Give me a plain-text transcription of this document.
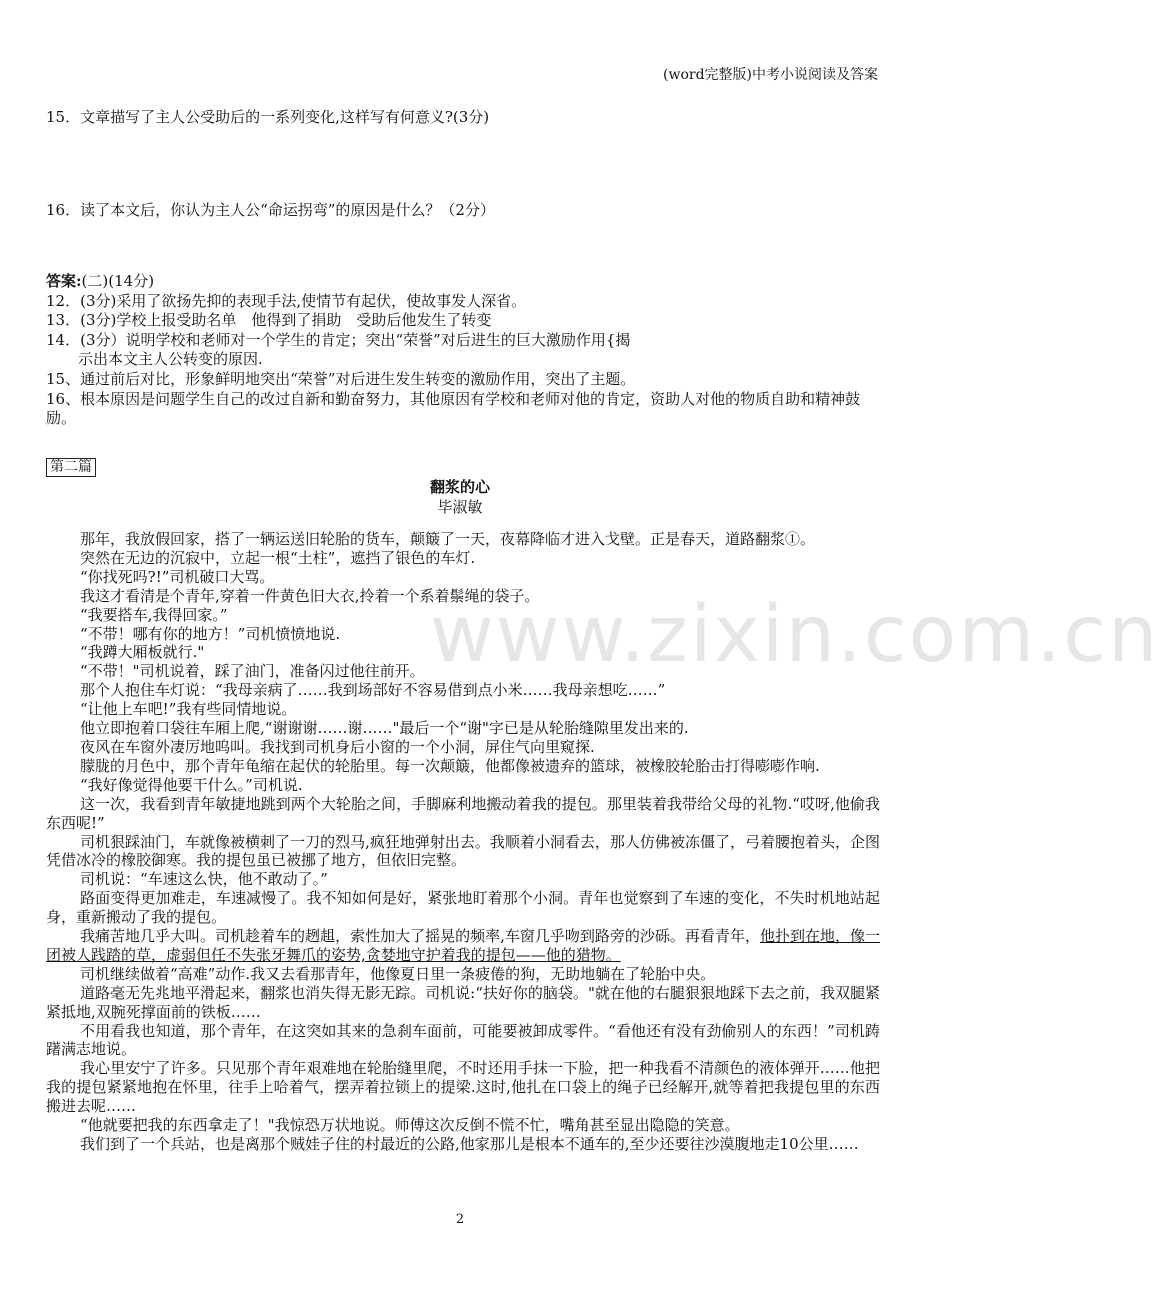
(word完整版)中考小说阅读及答案
15．文章描写了主人公受助后的一系列变化,这样写有何意义?(3分)
16．读了本文后，你认为主人公“命运拐弯”的原因是什么？（2分）

答案:(二)(14分)

12．(3分)采用了欲扬先抑的表现手法,使情节有起伏，使故事发人深省。

13．(3分)学校上报受助名单　他得到了捐助　受助后他发生了转变

14．(3分）说明学校和老师对一个学生的肯定；突出“荣誉”对后进生的巨大激励作用{揭

示出本文主人公转变的原因.

15、通过前后对比，形象鲜明地突出“荣誉”对后进生发生转变的激励作用，突出了主题。

16、根本原因是问题学生自己的改过自新和勤奋努力，其他原因有学校和老师对他的肯定，资助人对他的物质自助和精神鼓励。

第二篇
翻浆的心
毕淑敏
www.zixin.com.cn

那年，我放假回家，搭了一辆运送旧轮胎的货车，颠簸了一天，夜幕降临才进入戈壁。正是春天，道路翻浆①。

突然在无边的沉寂中，立起一根“土柱”，遮挡了银色的车灯.

“你找死吗?!”司机破口大骂。

我这才看清是个青年,穿着一件黄色旧大衣,拎着一个系着鬃绳的袋子。

“我要搭车,我得回家。”

“不带！哪有你的地方！”司机愤愤地说.

“我蹲大厢板就行."

“不带！"司机说着，踩了油门，准备闪过他往前开。

那个人抱住车灯说：“我母亲病了……我到场部好不容易借到点小米……我母亲想吃……”

“让他上车吧!”我有些同情地说。

他立即抱着口袋往车厢上爬,“谢谢谢……谢……"最后一个“谢"字已是从轮胎缝隙里发出来的.

夜风在车窗外凄厉地呜叫。我找到司机身后小窗的一个小洞，屏住气向里窥探.

朦胧的月色中，那个青年龟缩在起伏的轮胎里。每一次颠簸，他都像被遗弃的篮球，被橡胶轮胎击打得嘭嘭作响.

“我好像觉得他要干什么。”司机说.

这一次，我看到青年敏捷地跳到两个大轮胎之间，手脚麻利地搬动着我的提包。那里装着我带给父母的礼物.“哎呀,他偷我东西呢!”

司机狠踩油门，车就像被横刺了一刀的烈马,疯狂地弹射出去。我顺着小洞看去，那人仿佛被冻僵了，弓着腰抱着头，企图凭借冰冷的橡胶御寒。我的提包虽已被挪了地方，但依旧完整。

司机说：“车速这么快，他不敢动了。”

路面变得更加难走，车速减慢了。我不知如何是好，紧张地盯着那个小洞。青年也觉察到了车速的变化，不失时机地站起身，重新搬动了我的提包。

我痛苦地几乎大叫。司机趁着车的趔趄，索性加大了摇晃的频率,车窗几乎吻到路旁的沙砾。再看青年，他扑到在地，像一团被人践踏的草，虚弱但任不失张牙舞爪的姿势,贪婪地守护着我的提包——他的猎物。

司机继续做着“高难”动作.我又去看那青年，他像夏日里一条疲倦的狗，无助地躺在了轮胎中央。

道路毫无先兆地平滑起来，翻浆也消失得无影无踪。司机说:“扶好你的脑袋。"就在他的右腿狠狠地踩下去之前，我双腿紧紧抵地,双腕死撑面前的铁板……

不用看我也知道，那个青年，在这突如其来的急刹车面前，可能要被卸成零件。“看他还有没有劲偷别人的东西！”司机踌躇满志地说。

我心里安宁了许多。只见那个青年艰难地在轮胎缝里爬，不时还用手抹一下脸，把一种我看不清颜色的液体弹开……他把我的提包紧紧地抱在怀里，往手上哈着气，摆弄着拉锁上的提梁.这时,他扎在口袋上的绳子已经解开,就等着把我提包里的东西搬进去呢……

“他就要把我的东西拿走了！"我惊恐万状地说。师傅这次反倒不慌不忙，嘴角甚至显出隐隐的笑意。

我们到了一个兵站，也是离那个贼娃子住的村最近的公路,他家那儿是根本不通车的,至少还要往沙漠腹地走10公里……

2
